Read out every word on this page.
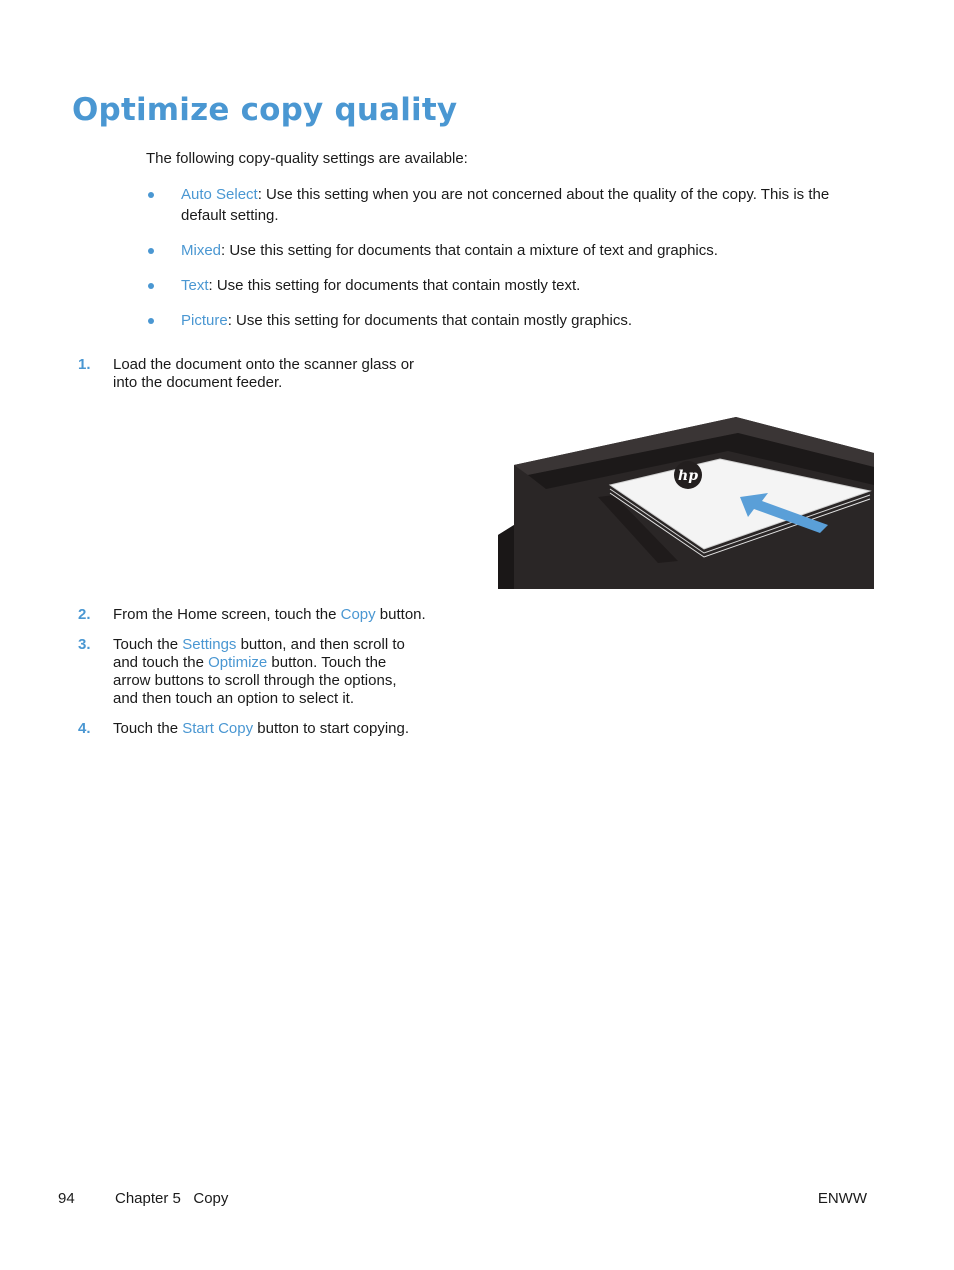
Optimize copy quality
The following copy-quality settings are available:
Auto Select: Use this setting when you are not concerned about the quality of the copy. This is the default setting.
Mixed: Use this setting for documents that contain a mixture of text and graphics.
Text: Use this setting for documents that contain mostly text.
Picture: Use this setting for documents that contain mostly graphics.
1. Load the document onto the scanner glass or
into the document feeder.
hp
2. From the Home screen, touch the Copy button.
3. Touch the Settings button, and then scroll to
and touch the Optimize button. Touch the
arrow buttons to scroll through the options,
and then touch an option to select it.
4. Touch the Start Copy button to start copying.
94	Chapter 5   Copy	ENWW
